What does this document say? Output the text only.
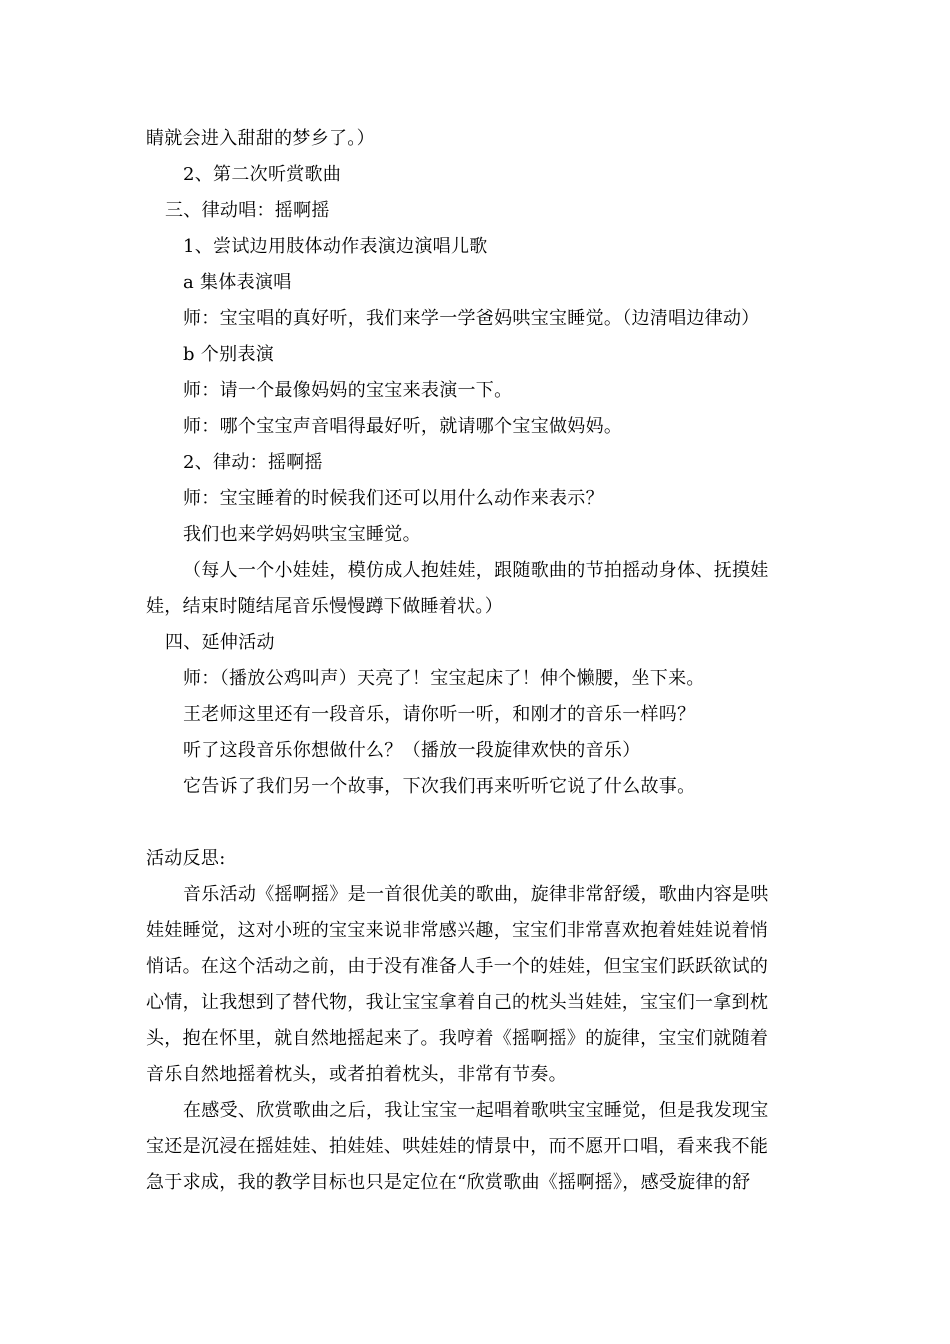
睛就会进入甜甜的梦乡了。）
2、第二次听赏歌曲
三、律动唱：摇啊摇
1、尝试边用肢体动作表演边演唱儿歌
a 集体表演唱
师：宝宝唱的真好听，我们来学一学爸妈哄宝宝睡觉。（边清唱边律动）
b 个别表演
师：请一个最像妈妈的宝宝来表演一下。
师：哪个宝宝声音唱得最好听，就请哪个宝宝做妈妈。
2、律动：摇啊摇
师：宝宝睡着的时候我们还可以用什么动作来表示？
我们也来学妈妈哄宝宝睡觉。
（每人一个小娃娃，模仿成人抱娃娃，跟随歌曲的节拍摇动身体、抚摸娃
娃，结束时随结尾音乐慢慢蹲下做睡着状。）
四、延伸活动
师：（播放公鸡叫声）天亮了！宝宝起床了！伸个懒腰，坐下来。
王老师这里还有一段音乐，请你听一听，和刚才的音乐一样吗？
听了这段音乐你想做什么？（播放一段旋律欢快的音乐）
它告诉了我们另一个故事，下次我们再来听听它说了什么故事。
活动反思:
音乐活动《摇啊摇》是一首很优美的歌曲，旋律非常舒缓，歌曲内容是哄
娃娃睡觉，这对小班的宝宝来说非常感兴趣，宝宝们非常喜欢抱着娃娃说着悄
悄话。在这个活动之前，由于没有准备人手一个的娃娃，但宝宝们跃跃欲试的
心情，让我想到了替代物，我让宝宝拿着自己的枕头当娃娃，宝宝们一拿到枕
头，抱在怀里，就自然地摇起来了。我哼着《摇啊摇》的旋律，宝宝们就随着
音乐自然地摇着枕头，或者拍着枕头，非常有节奏。
在感受、欣赏歌曲之后，我让宝宝一起唱着歌哄宝宝睡觉，但是我发现宝
宝还是沉浸在摇娃娃、拍娃娃、哄娃娃的情景中，而不愿开口唱，看来我不能
急于求成，我的教学目标也只是定位在“欣赏歌曲《摇啊摇》，感受旋律的舒
